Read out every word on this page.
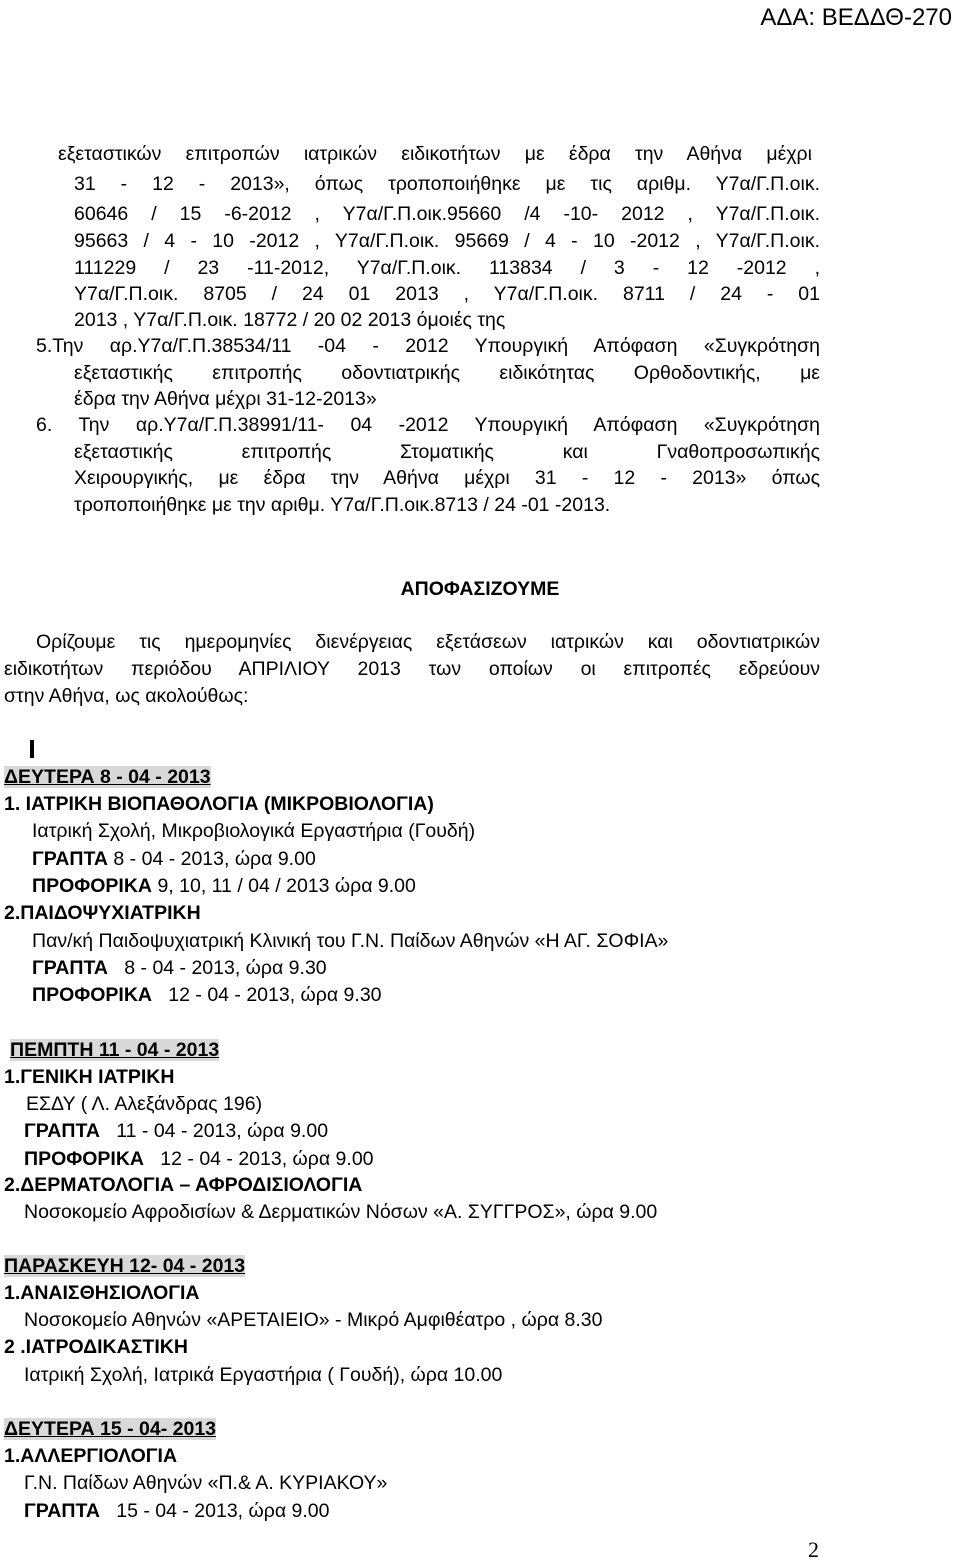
ΑΔΑ: ΒΕΔΔΘ-270
εξεταστικών επιτροπών ιατρικών ειδικοτήτων με έδρα την Αθήνα μέχρι
31 - 12 - 2013», όπως τροποποιήθηκε με τις αριθμ. Υ7α/Γ.Π.οικ.
60646 / 15 -6-2012 , Υ7α/Γ.Π.οικ.95660 /4 -10- 2012 , Υ7α/Γ.Π.οικ.
95663 / 4 - 10 -2012 , Υ7α/Γ.Π.οικ. 95669 / 4 - 10 -2012 , Υ7α/Γ.Π.οικ.
111229 / 23 -11-2012, Υ7α/Γ.Π.οικ. 113834 / 3 - 12 -2012 ,
Υ7α/Γ.Π.οικ. 8705 / 24 01 2013 , Υ7α/Γ.Π.οικ. 8711 / 24 - 01
2013 , Υ7α/Γ.Π.οικ. 18772 / 20 02 2013 όμοιές της
5.Την αρ.Υ7α/Γ.Π.38534/11 -04 - 2012 Υπουργική Απόφαση «Συγκρότηση
εξεταστικής επιτροπής οδοντιατρικής ειδικότητας Ορθοδοντικής, με
έδρα την Αθήνα μέχρι 31-12-2013»
6. Την αρ.Υ7α/Γ.Π.38991/11- 04 -2012 Υπουργική Απόφαση «Συγκρότηση
εξεταστικής επιτροπής Στοματικής και Γναθοπροσωπικής
Χειρουργικής, με έδρα την Αθήνα μέχρι 31 - 12 - 2013» όπως
τροποποιήθηκε με την αριθμ. Υ7α/Γ.Π.οικ.8713 / 24 -01 -2013.
ΑΠΟΦΑΣΙΖΟΥΜΕ
Ορίζουμε τις ημερομηνίες διενέργειας εξετάσεων ιατρικών και οδοντιατρικών
ειδικοτήτων περιόδου ΑΠΡΙΛΙΟΥ 2013 των οποίων οι επιτροπές εδρεύουν
στην Αθήνα, ως ακολούθως:
ΔΕΥΤΕΡΑ 8 - 04 - 2013
1. ΙΑΤΡΙΚΗ ΒΙΟΠΑΘΟΛΟΓΙΑ (ΜΙΚΡΟΒΙΟΛΟΓΙΑ)
Ιατρική Σχολή, Μικροβιολογικά Εργαστήρια (Γουδή)
ΓΡΑΠΤΑ 8 - 04 - 2013, ώρα 9.00
ΠΡΟΦΟΡΙΚΑ 9, 10, 11 / 04 / 2013 ώρα 9.00
2.ΠΑΙΔΟΨΥΧΙΑΤΡΙΚΗ
Παν/κή Παιδοψυχιατρική Κλινική του Γ.Ν. Παίδων Αθηνών «Η ΑΓ. ΣΟΦΙΑ»
ΓΡΑΠΤΑ 8 - 04 - 2013, ώρα 9.30
ΠΡΟΦΟΡΙΚΑ 12 - 04 - 2013, ώρα 9.30
ΠΕΜΠΤΗ 11 - 04 - 2013
1.ΓΕΝΙΚΗ ΙΑΤΡΙΚΗ
ΕΣΔΥ ( Λ. Αλεξάνδρας 196)
ΓΡΑΠΤΑ 11 - 04 - 2013, ώρα 9.00
ΠΡΟΦΟΡΙΚΑ 12 - 04 - 2013, ώρα 9.00
2.ΔΕΡΜΑΤΟΛΟΓΙΑ – ΑΦΡΟΔΙΣΙΟΛΟΓΙΑ
Νοσοκομείο Αφροδισίων & Δερματικών Νόσων «Α. ΣΥΓΓΡΟΣ», ώρα 9.00
ΠΑΡΑΣΚΕΥΗ 12- 04 - 2013
1.ΑΝΑΙΣΘΗΣΙΟΛΟΓΙΑ
Νοσοκομείο Αθηνών «ΑΡΕΤΑΙΕΙΟ» - Μικρό Αμφιθέατρο , ώρα 8.30
2 .ΙΑΤΡΟΔΙΚΑΣΤΙΚΗ
Ιατρική Σχολή, Ιατρικά Εργαστήρια ( Γουδή), ώρα 10.00
ΔΕΥΤΕΡΑ 15 - 04- 2013
1.ΑΛΛΕΡΓΙΟΛΟΓΙΑ
Γ.Ν. Παίδων Αθηνών «Π.& Α. ΚΥΡΙΑΚΟΥ»
ΓΡΑΠΤΑ 15 - 04 - 2013, ώρα 9.00
2
